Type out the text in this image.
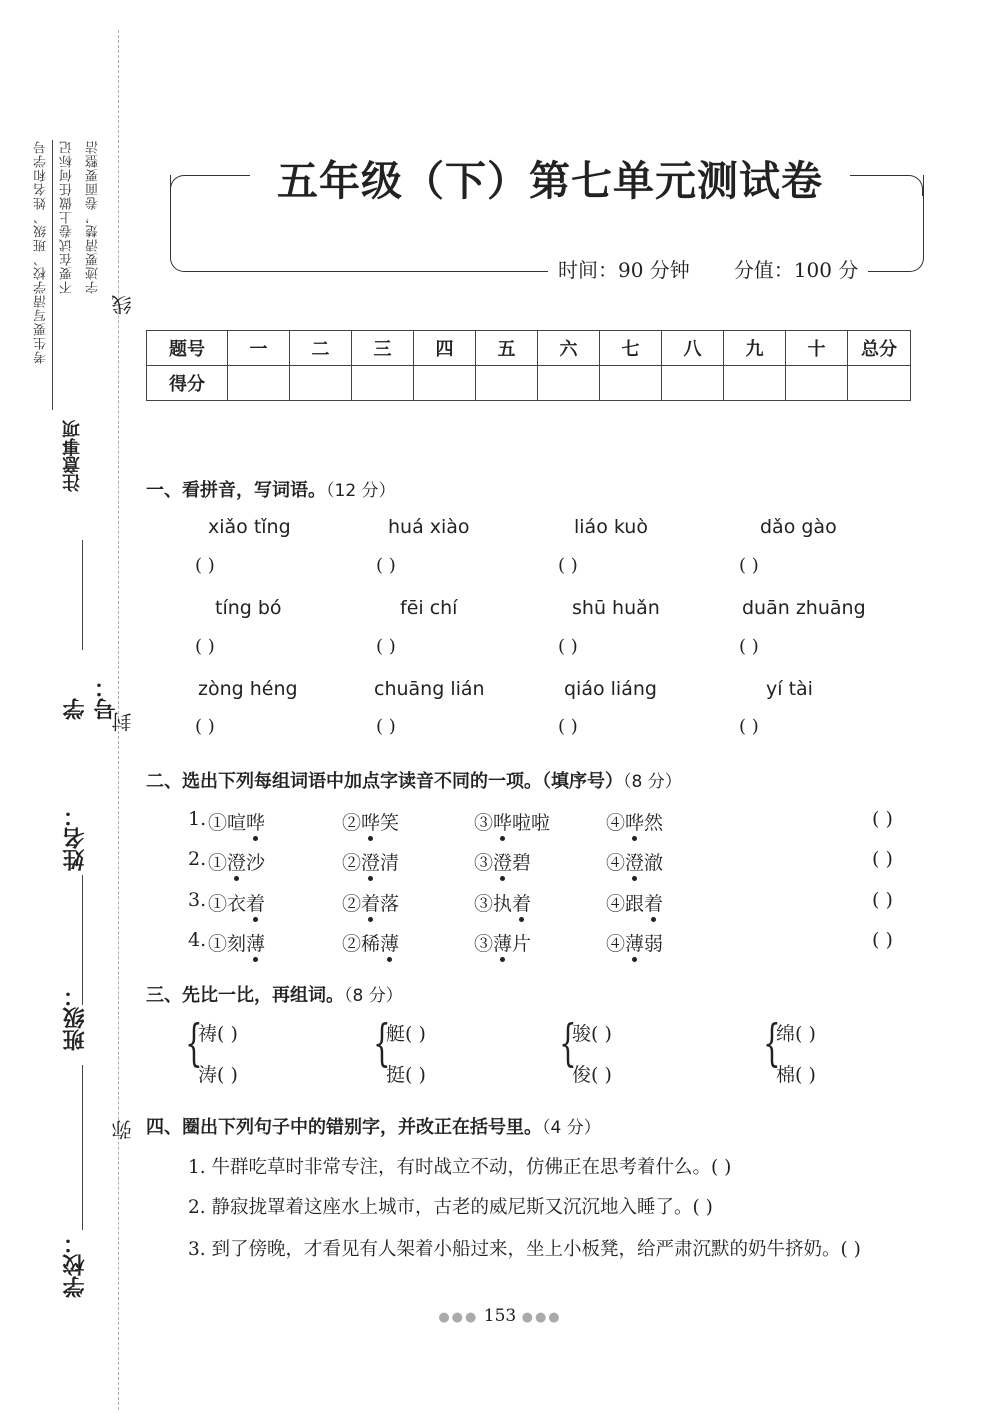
考生要写清学校、班级、姓名和学号 不要在试卷上做任何标记 字迹要清楚，卷面要整洁
注意事项
线
封
弥
学号：
姓名：
班级：
学校：
五年级（下）第七单元测试卷
时间：90 分钟 分值：100 分
题号	一	二	三	四	五	六	七	八	九	十	总分
得分											
一、看拼音，写词语。（12 分）
xiǎo tǐng	huá xiào	liáo kuò	dǎo gào
tíng bó	fēi chí	shū huǎn	duān zhuāng
zòng héng	chuāng lián	qiáo liáng	yí tài
( )	( )	( )	( )
( )	( )	( )	( )
( )	( )	( )	( )
二、选出下列每组词语中加点字读音不同的一项。（填序号）（8 分）
1. ①喧哗	②哗笑	③哗啦啦	④哗然	( )
2. ①澄沙	②澄清	③澄碧	④澄澈	( )
3. ①衣着	②着落	③执着	④跟着	( )
4. ①刻薄	②稀薄	③薄片	④薄弱	( )
三、先比一比，再组词。（8 分）
{
祷( )
涛( )
{
艇( )
挺( )
{
骏( )
俊( )
{
绵( )
棉( )
四、圈出下列句子中的错别字，并改正在括号里。（4 分）
1. 牛群吃草时非常专注，有时战立不动，仿佛正在思考着什么。( )
2. 静寂拢罩着这座水上城市，古老的威尼斯又沉沉地入睡了。( )
3. 到了傍晚，才看见有人架着小船过来，坐上小板凳，给严肃沉默的奶牛挤奶。( )
●●● 153 ●●●
